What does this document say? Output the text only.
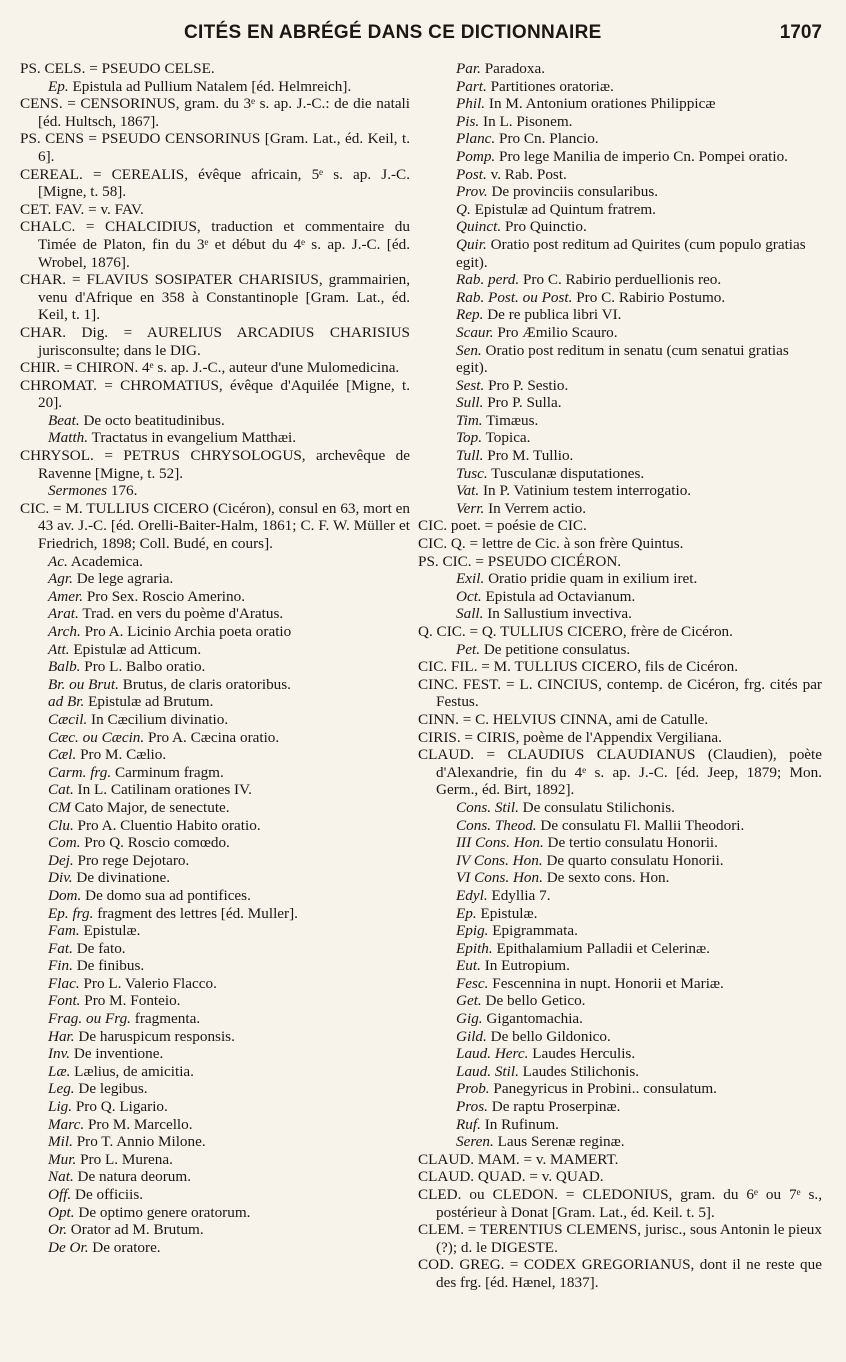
CITÉS EN ABRÉGÉ DANS CE DICTIONNAIRE	1707
PS. CELS. = PSEUDO CELSE.
Ep. Epistula ad Pullium Natalem [éd. Helmreich].
CENS. = CENSORINUS, gram. du 3ᵉ s. ap. J.-C.: de die natali [éd. Hultsch, 1867].
PS. CENS = PSEUDO CENSORINUS [Gram. Lat., éd. Keil, t. 6].
CEREAL. = CEREALIS, évêque africain, 5ᵉ s. ap. J.-C. [Migne, t. 58].
CET. FAV. = v. FAV.
CHALC. = CHALCIDIUS, traduction et commentaire du Timée de Platon, fin du 3ᵉ et début du 4ᵉ s. ap. J.-C. [éd. Wrobel, 1876].
CHAR. = FLAVIUS SOSIPATER CHARISIUS, grammairien, venu d'Afrique en 358 à Constantinople [Gram. Lat., éd. Keil, t. 1].
CHAR. Dig. = AURELIUS ARCADIUS CHARISIUS jurisconsulte; dans le DIG.
CHIR. = CHIRON. 4ᵉ s. ap. J.-C., auteur d'une Mulomedicina.
CHROMAT. = CHROMATIUS, évêque d'Aquilée [Migne, t. 20].
Beat. De octo beatitudinibus.
Matth. Tractatus in evangelium Matthæi.
CHRYSOL. = PETRUS CHRYSOLOGUS, archevêque de Ravenne [Migne, t. 52].
Sermones 176.
CIC. = M. TULLIUS CICERO (Cicéron), consul en 63, mort en 43 av. J.-C. [éd. Orelli-Baiter-Halm, 1861; C. F. W. Müller et Friedrich, 1898; Coll. Budé, en cours].
Ac. Academica.
Agr. De lege agraria.
Amer. Pro Sex. Roscio Amerino.
Arat. Trad. en vers du poème d'Aratus.
Arch. Pro A. Licinio Archia poeta oratio
Att. Epistulæ ad Atticum.
Balb. Pro L. Balbo oratio.
Br. ou Brut. Brutus, de claris oratoribus.
ad Br. Epistulæ ad Brutum.
Cæcil. In Cæcilium divinatio.
Cæc. ou Cæcin. Pro A. Cæcina oratio.
Cæl. Pro M. Cælio.
Carm. frg. Carminum fragm.
Cat. In L. Catilinam orationes IV.
CM Cato Major, de senectute.
Clu. Pro A. Cluentio Habito oratio.
Com. Pro Q. Roscio comœdo.
Dej. Pro rege Dejotaro.
Div. De divinatione.
Dom. De domo sua ad pontifices.
Ep. frg. fragment des lettres [éd. Muller].
Fam. Epistulæ.
Fat. De fato.
Fin. De finibus.
Flac. Pro L. Valerio Flacco.
Font. Pro M. Fonteio.
Frag. ou Frg. fragmenta.
Har. De haruspicum responsis.
Inv. De inventione.
Læ. Lælius, de amicitia.
Leg. De legibus.
Lig. Pro Q. Ligario.
Marc. Pro M. Marcello.
Mil. Pro T. Annio Milone.
Mur. Pro L. Murena.
Nat. De natura deorum.
Off. De officiis.
Opt. De optimo genere oratorum.
Or. Orator ad M. Brutum.
De Or. De oratore.
Par. Paradoxa.
Part. Partitiones oratoriæ.
Phil. In M. Antonium orationes Philippicæ
Pis. In L. Pisonem.
Planc. Pro Cn. Plancio.
Pomp. Pro lege Manilia de imperio Cn. Pompei oratio.
Post. v. Rab. Post.
Prov. De provinciis consularibus.
Q. Epistulæ ad Quintum fratrem.
Quinct. Pro Quinctio.
Quir. Oratio post reditum ad Quirites (cum populo gratias egit).
Rab. perd. Pro C. Rabirio perduellionis reo.
Rab. Post. ou Post. Pro C. Rabirio Postumo.
Rep. De re publica libri VI.
Scaur. Pro Æmilio Scauro.
Sen. Oratio post reditum in senatu (cum senatui gratias egit).
Sest. Pro P. Sestio.
Sull. Pro P. Sulla.
Tim. Timæus.
Top. Topica.
Tull. Pro M. Tullio.
Tusc. Tusculanæ disputationes.
Vat. In P. Vatinium testem interrogatio.
Verr. In Verrem actio.
CIC. poet. = poésie de CIC.
CIC. Q. = lettre de Cic. à son frère Quintus.
PS. CIC. = PSEUDO CICÉRON.
Exil. Oratio pridie quam in exilium iret.
Oct. Epistula ad Octavianum.
Sall. In Sallustium invectiva.
Q. CIC. = Q. TULLIUS CICERO, frère de Cicéron.
Pet. De petitione consulatus.
CIC. FIL. = M. TULLIUS CICERO, fils de Cicéron.
CINC. FEST. = L. CINCIUS, contemp. de Cicéron, frg. cités par Festus.
CINN. = C. HELVIUS CINNA, ami de Catulle.
CIRIS. = CIRIS, poème de l'Appendix Vergiliana.
CLAUD. = CLAUDIUS CLAUDIANUS (Claudien), poète d'Alexandrie, fin du 4ᵉ s. ap. J.-C. [éd. Jeep, 1879; Mon. Germ., éd. Birt, 1892].
Cons. Stil. De consulatu Stilichonis.
Cons. Theod. De consulatu Fl. Mallii Theodori.
III Cons. Hon. De tertio consulatu Honorii.
IV Cons. Hon. De quarto consulatu Honorii.
VI Cons. Hon. De sexto cons. Hon.
Edyl. Edyllia 7.
Ep. Epistulæ.
Epig. Epigrammata.
Epith. Epithalamium Palladii et Celerinæ.
Eut. In Eutropium.
Fesc. Fescennina in nupt. Honorii et Mariæ.
Get. De bello Getico.
Gig. Gigantomachia.
Gild. De bello Gildonico.
Laud. Herc. Laudes Herculis.
Laud. Stil. Laudes Stilichonis.
Prob. Panegyricus in Probini.. consulatum.
Pros. De raptu Proserpinæ.
Ruf. In Rufinum.
Seren. Laus Serenæ reginæ.
CLAUD. MAM. = v. MAMERT.
CLAUD. QUAD. = v. QUAD.
CLED. ou CLEDON. = CLEDONIUS, gram. du 6ᵉ ou 7ᵉ s., postérieur à Donat [Gram. Lat., éd. Keil. t. 5].
CLEM. = TERENTIUS CLEMENS, jurisc., sous Antonin le pieux (?); d. le DIGESTE.
COD. GREG. = CODEX GREGORIANUS, dont il ne reste que des frg. [éd. Hænel, 1837].
